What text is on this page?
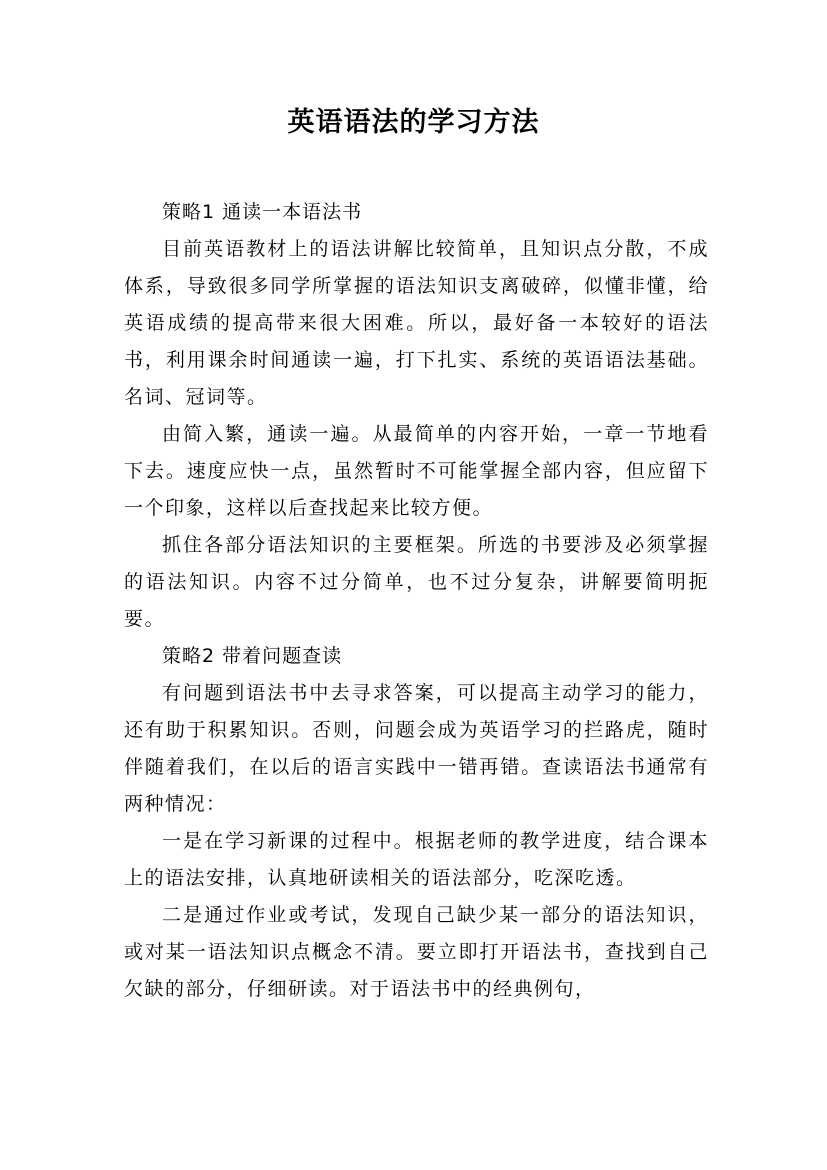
英语语法的学习方法

策略1 通读一本语法书

目前英语教材上的语法讲解比较简单，且知识点分散，不成体系，导致很多同学所掌握的语法知识支离破碎，似懂非懂，给英语成绩的提高带来很大困难。所以，最好备一本较好的语法书，利用课余时间通读一遍，打下扎实、系统的英语语法基础。名词、冠词等。

由简入繁，通读一遍。从最简单的内容开始，一章一节地看下去。速度应快一点，虽然暂时不可能掌握全部内容，但应留下一个印象，这样以后查找起来比较方便。

抓住各部分语法知识的主要框架。所选的书要涉及必须掌握的语法知识。内容不过分简单，也不过分复杂，讲解要简明扼要。

策略2 带着问题查读

有问题到语法书中去寻求答案，可以提高主动学习的能力，还有助于积累知识。否则，问题会成为英语学习的拦路虎，随时伴随着我们，在以后的语言实践中一错再错。查读语法书通常有两种情况：

一是在学习新课的过程中。根据老师的教学进度，结合课本上的语法安排，认真地研读相关的语法部分，吃深吃透。

二是通过作业或考试，发现自己缺少某一部分的语法知识，或对某一语法知识点概念不清。要立即打开语法书，查找到自己欠缺的部分，仔细研读。对于语法书中的经典例句，
